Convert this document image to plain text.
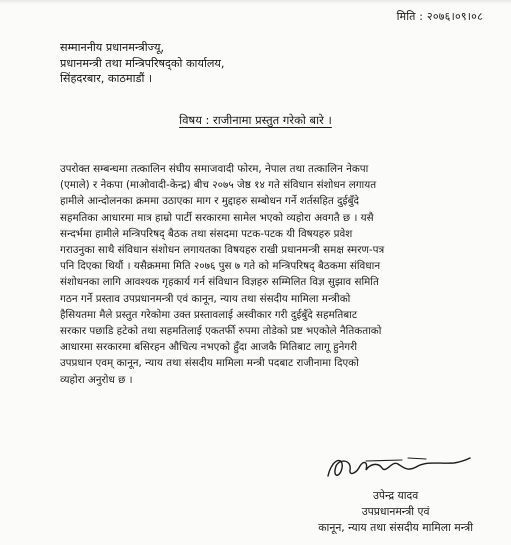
मिति : २०७६।०९।०८
सम्माननीय प्रधानमन्त्रीज्यू,
प्रधानमन्त्री तथा मन्त्रिपरिषद्को कार्यालय,
सिंहदरबार, काठमाडौं ।
विषय : राजीनामा प्रस्तुत गरेको बारे ।
उपरोक्त सम्बन्धमा तत्कालिन संघीय समाजवादी फोरम, नेपाल तथा तत्कालिन नेकपा
(एमाले) र नेकपा (माओवादी-केन्द्र) बीच २०७५ जेष्ठ १४ गते संविधान संशोधन लगायत
हामीले आन्दोलनका क्रममा उठाएका माग र मुद्दाहरु सम्बोधन गर्ने शर्तसहित दुईबुँदे
सहमतिका आधारमा मात्र हाम्रो पार्टी सरकारमा सामेल भएको व्यहोरा अवगतै छ । यसै
सन्दर्भमा हामीले मन्त्रिपरिषद् बैठक तथा संसदमा पटक-पटक यी विषयहरु प्रवेश
गराउनुका साथै संविधान संशोधन लगायतका विषयहरु राखी प्रधानमन्त्री समक्ष स्मरण-पत्र
पनि दिएका थियौं । यसैक्रममा मिति २०७६ पुस ७ गते को मन्त्रिपरिषद् बैठकमा संविधान
संशोधनका लागि आवश्यक गृहकार्य गर्न संविधान विज्ञहरु सम्मिलित विज्ञ सुझाव समिति
गठन गर्ने प्रस्ताव उपप्रधानमन्त्री एवं कानून, न्याय तथा संसदीय मामिला मन्त्रीको
हैसियतमा मैले प्रस्तुत गरेकोमा उक्त प्रस्तावलाई अस्वीकार गरी दुईबुँदे सहमतिबाट
सरकार पछाडि हटेको तथा सहमतिलाई एकतर्फी रुपमा तोडेको प्रष्ट भएकोले नैतिकताको
आधारमा सरकारमा बसिरहन औचित्य नभएको हुँदा आजकै मितिबाट लागू हुनेगरी
उपप्रधान एवम् कानून, न्याय तथा संसदीय मामिला मन्त्री पदबाट राजीनामा दिएको
व्यहोरा अनुरोध छ ।
उपेन्द्र यादव
उपप्रधानमन्त्री एवं
कानून, न्याय तथा संसदीय मामिला मन्त्री
